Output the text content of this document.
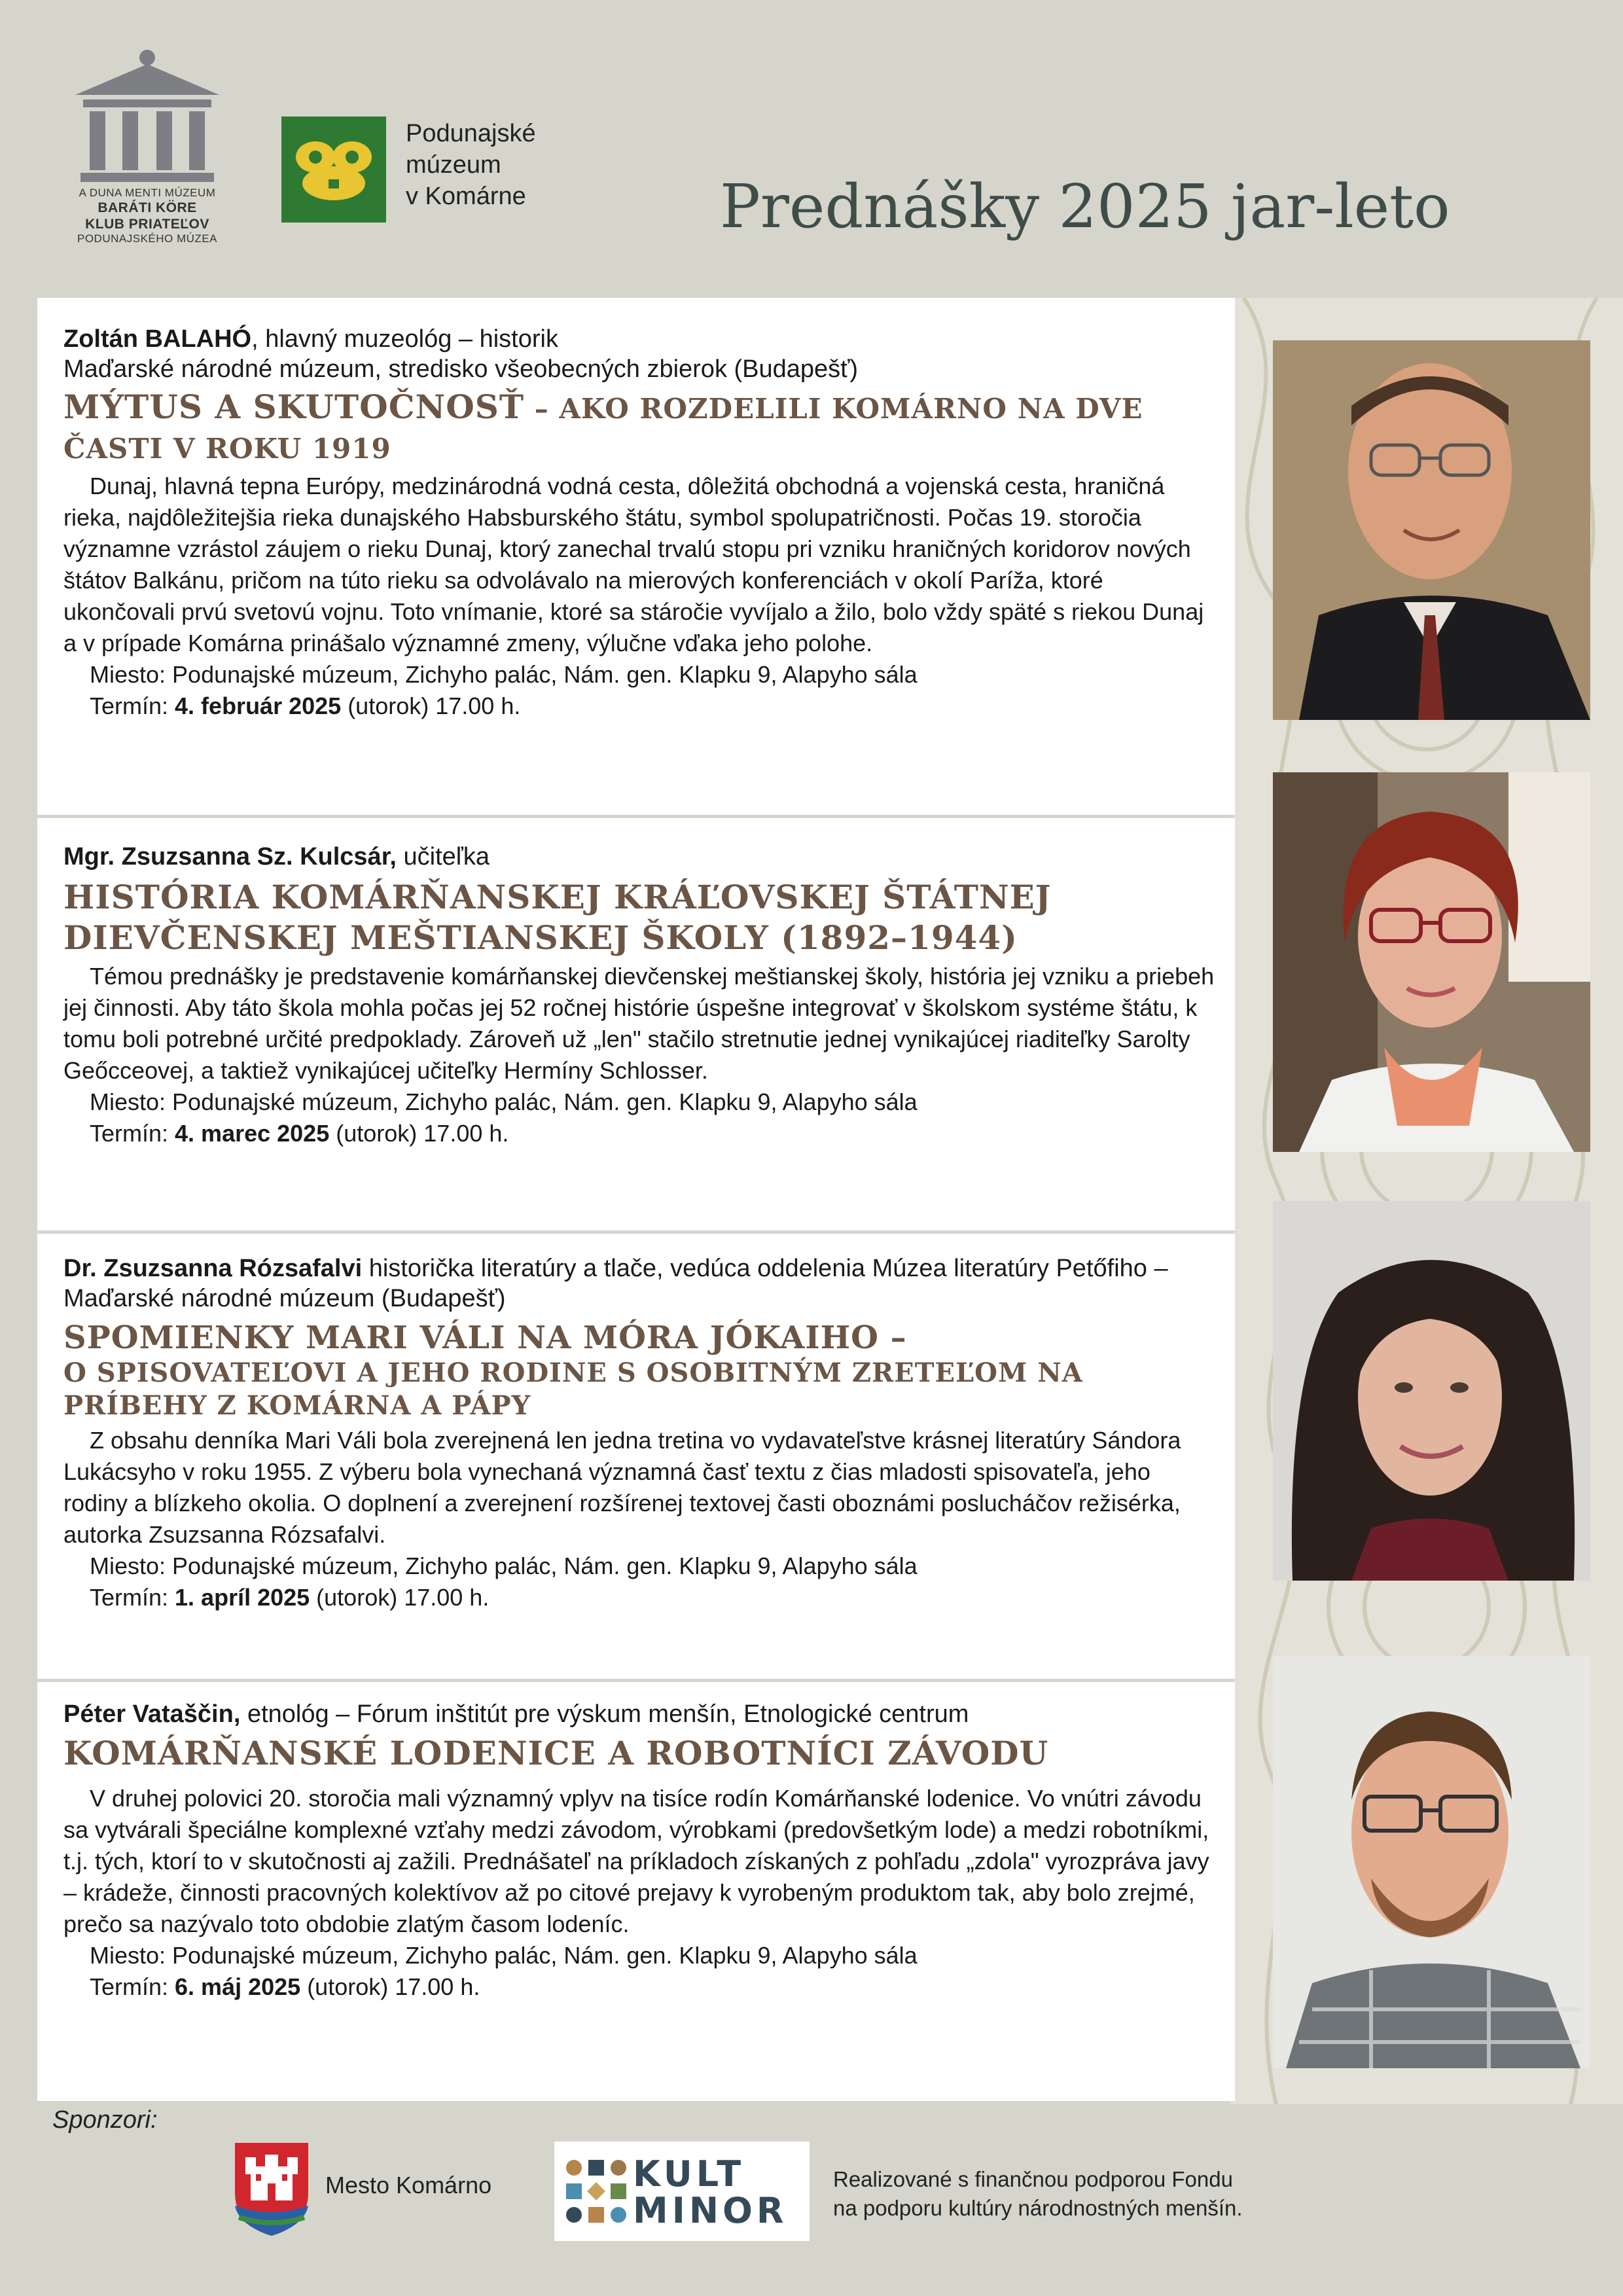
A DUNA MENTI MÚZEUM
BARÁTI KÖRE
KLUB PRIATEĽOV
PODUNAJSKÉHO MÚZEA
Podunajské
múzeum
v Komárne	Prednášky 2025 jar-leto
Zoltán BALAHÓ, hlavný muzeológ – historik
Maďarské národné múzeum, stredisko všeobecných zbierok (Budapešť)
MÝTUS A SKUTOČNOSŤ – AKO ROZDELILI KOMÁRNO NA DVE ČASTI V ROKU 1919
Dunaj, hlavná tepna Európy, medzinárodná vodná cesta, dôležitá obchodná a vojenská cesta, hraničná rieka, najdôležitejšia rieka dunajského Habsburského štátu, symbol spolupatričnosti. Počas 19. storočia významne vzrástol záujem o rieku Dunaj, ktorý zanechal trvalú stopu pri vzniku hraničných koridorov nových štátov Balkánu, pričom na túto rieku sa odvolávalo na mierových konferenciách v okolí Paríža, ktoré ukončovali prvú svetovú vojnu. Toto vnímanie, ktoré sa stáročie vyvíjalo a žilo, bolo vždy späté s riekou Dunaj a v prípade Komárna prinášalo významné zmeny, výlučne vďaka jeho polohe.
Miesto: Podunajské múzeum, Zichyho palác, Nám. gen. Klapku 9, Alapyho sála
Termín: 4. február 2025 (utorok) 17.00 h.
Mgr. Zsuzsanna Sz. Kulcsár, učiteľka
HISTÓRIA KOMÁRŇANSKEJ KRÁĽOVSKEJ ŠTÁTNEJ DIEVČENSKEJ MEŠTIANSKEJ ŠKOLY (1892–1944)
Témou prednášky je predstavenie komárňanskej dievčenskej meštianskej školy, história jej vzniku a priebeh jej činnosti. Aby táto škola mohla počas jej 52 ročnej histórie úspešne integrovať v školskom systéme štátu, k tomu boli potrebné určité predpoklady. Zároveň už „len" stačilo stretnutie jednej vynikajúcej riaditeľky Sarolty Geőcceovej, a taktiež vynikajúcej učiteľky Hermíny Schlosser.
Miesto: Podunajské múzeum, Zichyho palác, Nám. gen. Klapku 9, Alapyho sála
Termín: 4. marec 2025 (utorok) 17.00 h.
Dr. Zsuzsanna Rózsafalvi historička literatúry a tlače, vedúca oddelenia Múzea literatúry Petőfiho – Maďarské národné múzeum (Budapešť)
SPOMIENKY MARI VÁLI NA MÓRA JÓKAIHO –
O SPISOVATEĽOVI A JEHO RODINE S OSOBITNÝM ZRETEĽOM NA PRÍBEHY Z KOMÁRNA A PÁPY
Z obsahu denníka Mari Váli bola zverejnená len jedna tretina vo vydavateľstve krásnej literatúry Sándora Lukácsyho v roku 1955. Z výberu bola vynechaná významná časť textu z čias mladosti spisovateľa, jeho rodiny a blízkeho okolia. O doplnení a zverejnení rozšírenej textovej časti oboznámi poslucháčov režisérka, autorka Zsuzsanna Rózsafalvi.
Miesto: Podunajské múzeum, Zichyho palác, Nám. gen. Klapku 9, Alapyho sála
Termín: 1. apríl 2025 (utorok) 17.00 h.
Péter Vataščin, etnológ – Fórum inštitút pre výskum menšín, Etnologické centrum
KOMÁRŇANSKÉ LODENICE A ROBOTNÍCI ZÁVODU
V druhej polovici 20. storočia mali významný vplyv na tisíce rodín Komárňanské lodenice. Vo vnútri závodu sa vytvárali špeciálne komplexné vzťahy medzi závodom, výrobkami (predovšetkým lode) a medzi robotníkmi, t.j. tých, ktorí to v skutočnosti aj zažili. Prednášateľ na príkladoch získaných z pohľadu „zdola" vyrozpráva javy – krádeže, činnosti pracovných kolektívov až po citové prejavy k vyrobeným produktom tak, aby bolo zrejmé, prečo sa nazývalo toto obdobie zlatým časom lodeníc.
Miesto: Podunajské múzeum, Zichyho palác, Nám. gen. Klapku 9, Alapyho sála
Termín: 6. máj 2025 (utorok) 17.00 h.
Sponzori:
Mesto Komárno	KULT
MINOR
Realizované s finančnou podporou Fondu
na podporu kultúry národnostných menšín.
